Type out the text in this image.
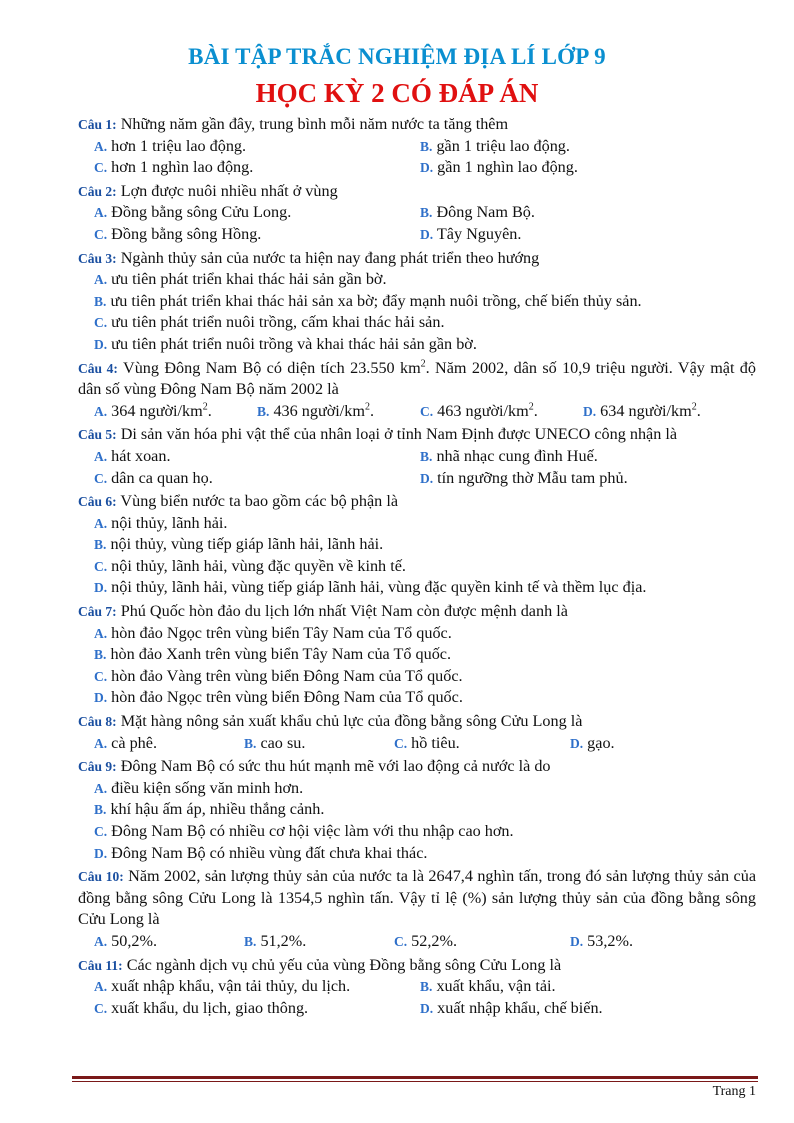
BÀI TẬP TRẮC NGHIỆM ĐỊA LÍ LỚP 9
HỌC KỲ 2 CÓ ĐÁP ÁN
Câu 1: Những năm gần đây, trung bình mỗi năm nước ta tăng thêm
A. hơn 1 triệu lao động.	B. gần 1 triệu lao động.
C. hơn 1 nghìn lao động.	D. gần 1 nghìn lao động.
Câu 2: Lợn được nuôi nhiều nhất ở vùng
A. Đồng bằng sông Cửu Long.	B. Đông Nam Bộ.
C. Đồng bằng sông Hồng.	D. Tây Nguyên.
Câu 3: Ngành thủy sản của nước ta hiện nay đang phát triển theo hướng
A. ưu tiên phát triển khai thác hải sản gần bờ.
B. ưu tiên phát triển khai thác hải sản xa bờ; đẩy mạnh nuôi trồng, chế biến thủy sản.
C. ưu tiên phát triển nuôi trồng, cấm khai thác hải sản.
D. ưu tiên phát triển nuôi trồng và khai thác hải sản gần bờ.
Câu 4: Vùng Đông Nam Bộ có diện tích 23.550 $km^2$. Năm 2002, dân số 10,9 triệu người. Vậy mật độ dân số vùng Đông Nam Bộ năm 2002 là
A. 364 người/$km^2$.	B. 436 người/$km^2$.	C. 463 người/$km^2$.	D. 634 người/$km^2$.
Câu 5: Di sản văn hóa phi vật thể của nhân loại ở tỉnh Nam Định được UNECO công nhận là
A. hát xoan.	B. nhã nhạc cung đình Huế.
C. dân ca quan họ.	D. tín ngưỡng thờ Mẫu tam phủ.
Câu 6: Vùng biển nước ta bao gồm các bộ phận là
A. nội thủy, lãnh hải.
B. nội thủy, vùng tiếp giáp lãnh hải, lãnh hải.
C. nội thủy, lãnh hải, vùng đặc quyền về kinh tế.
D. nội thủy, lãnh hải, vùng tiếp giáp lãnh hải, vùng đặc quyền kinh tế và thềm lục địa.
Câu 7: Phú Quốc hòn đảo du lịch lớn nhất Việt Nam còn được mệnh danh là
A. hòn đảo Ngọc trên vùng biển Tây Nam của Tổ quốc.
B. hòn đảo Xanh trên vùng biển Tây Nam của Tổ quốc.
C. hòn đảo Vàng trên vùng biển Đông Nam của Tổ quốc.
D. hòn đảo Ngọc trên vùng biển Đông Nam của Tổ quốc.
Câu 8: Mặt hàng nông sản xuất khẩu chủ lực của đồng bằng sông Cửu Long là
A. cà phê.	B. cao su.	C. hồ tiêu.	D. gạo.
Câu 9: Đông Nam Bộ có sức thu hút mạnh mẽ với lao động cả nước là do
A. điều kiện sống văn minh hơn.
B. khí hậu ấm áp, nhiều thắng cảnh.
C. Đông Nam Bộ có nhiều cơ hội việc làm với thu nhập cao hơn.
D. Đông Nam Bộ có nhiều vùng đất chưa khai thác.
Câu 10: Năm 2002, sản lượng thủy sản của nước ta là 2647,4 nghìn tấn, trong đó sản lượng thủy sản của đồng bằng sông Cửu Long là 1354,5 nghìn tấn. Vậy tỉ lệ (%) sản lượng thủy sản của đồng bằng sông Cửu Long là
A. 50,2%.	B. 51,2%.	C. 52,2%.	D. 53,2%.
Câu 11: Các ngành dịch vụ chủ yếu của vùng Đồng bằng sông Cửu Long là
A. xuất nhập khẩu, vận tải thủy, du lịch.	B. xuất khẩu, vận tải.
C. xuất khẩu, du lịch, giao thông.	D. xuất nhập khẩu, chế biến.
Trang 1
